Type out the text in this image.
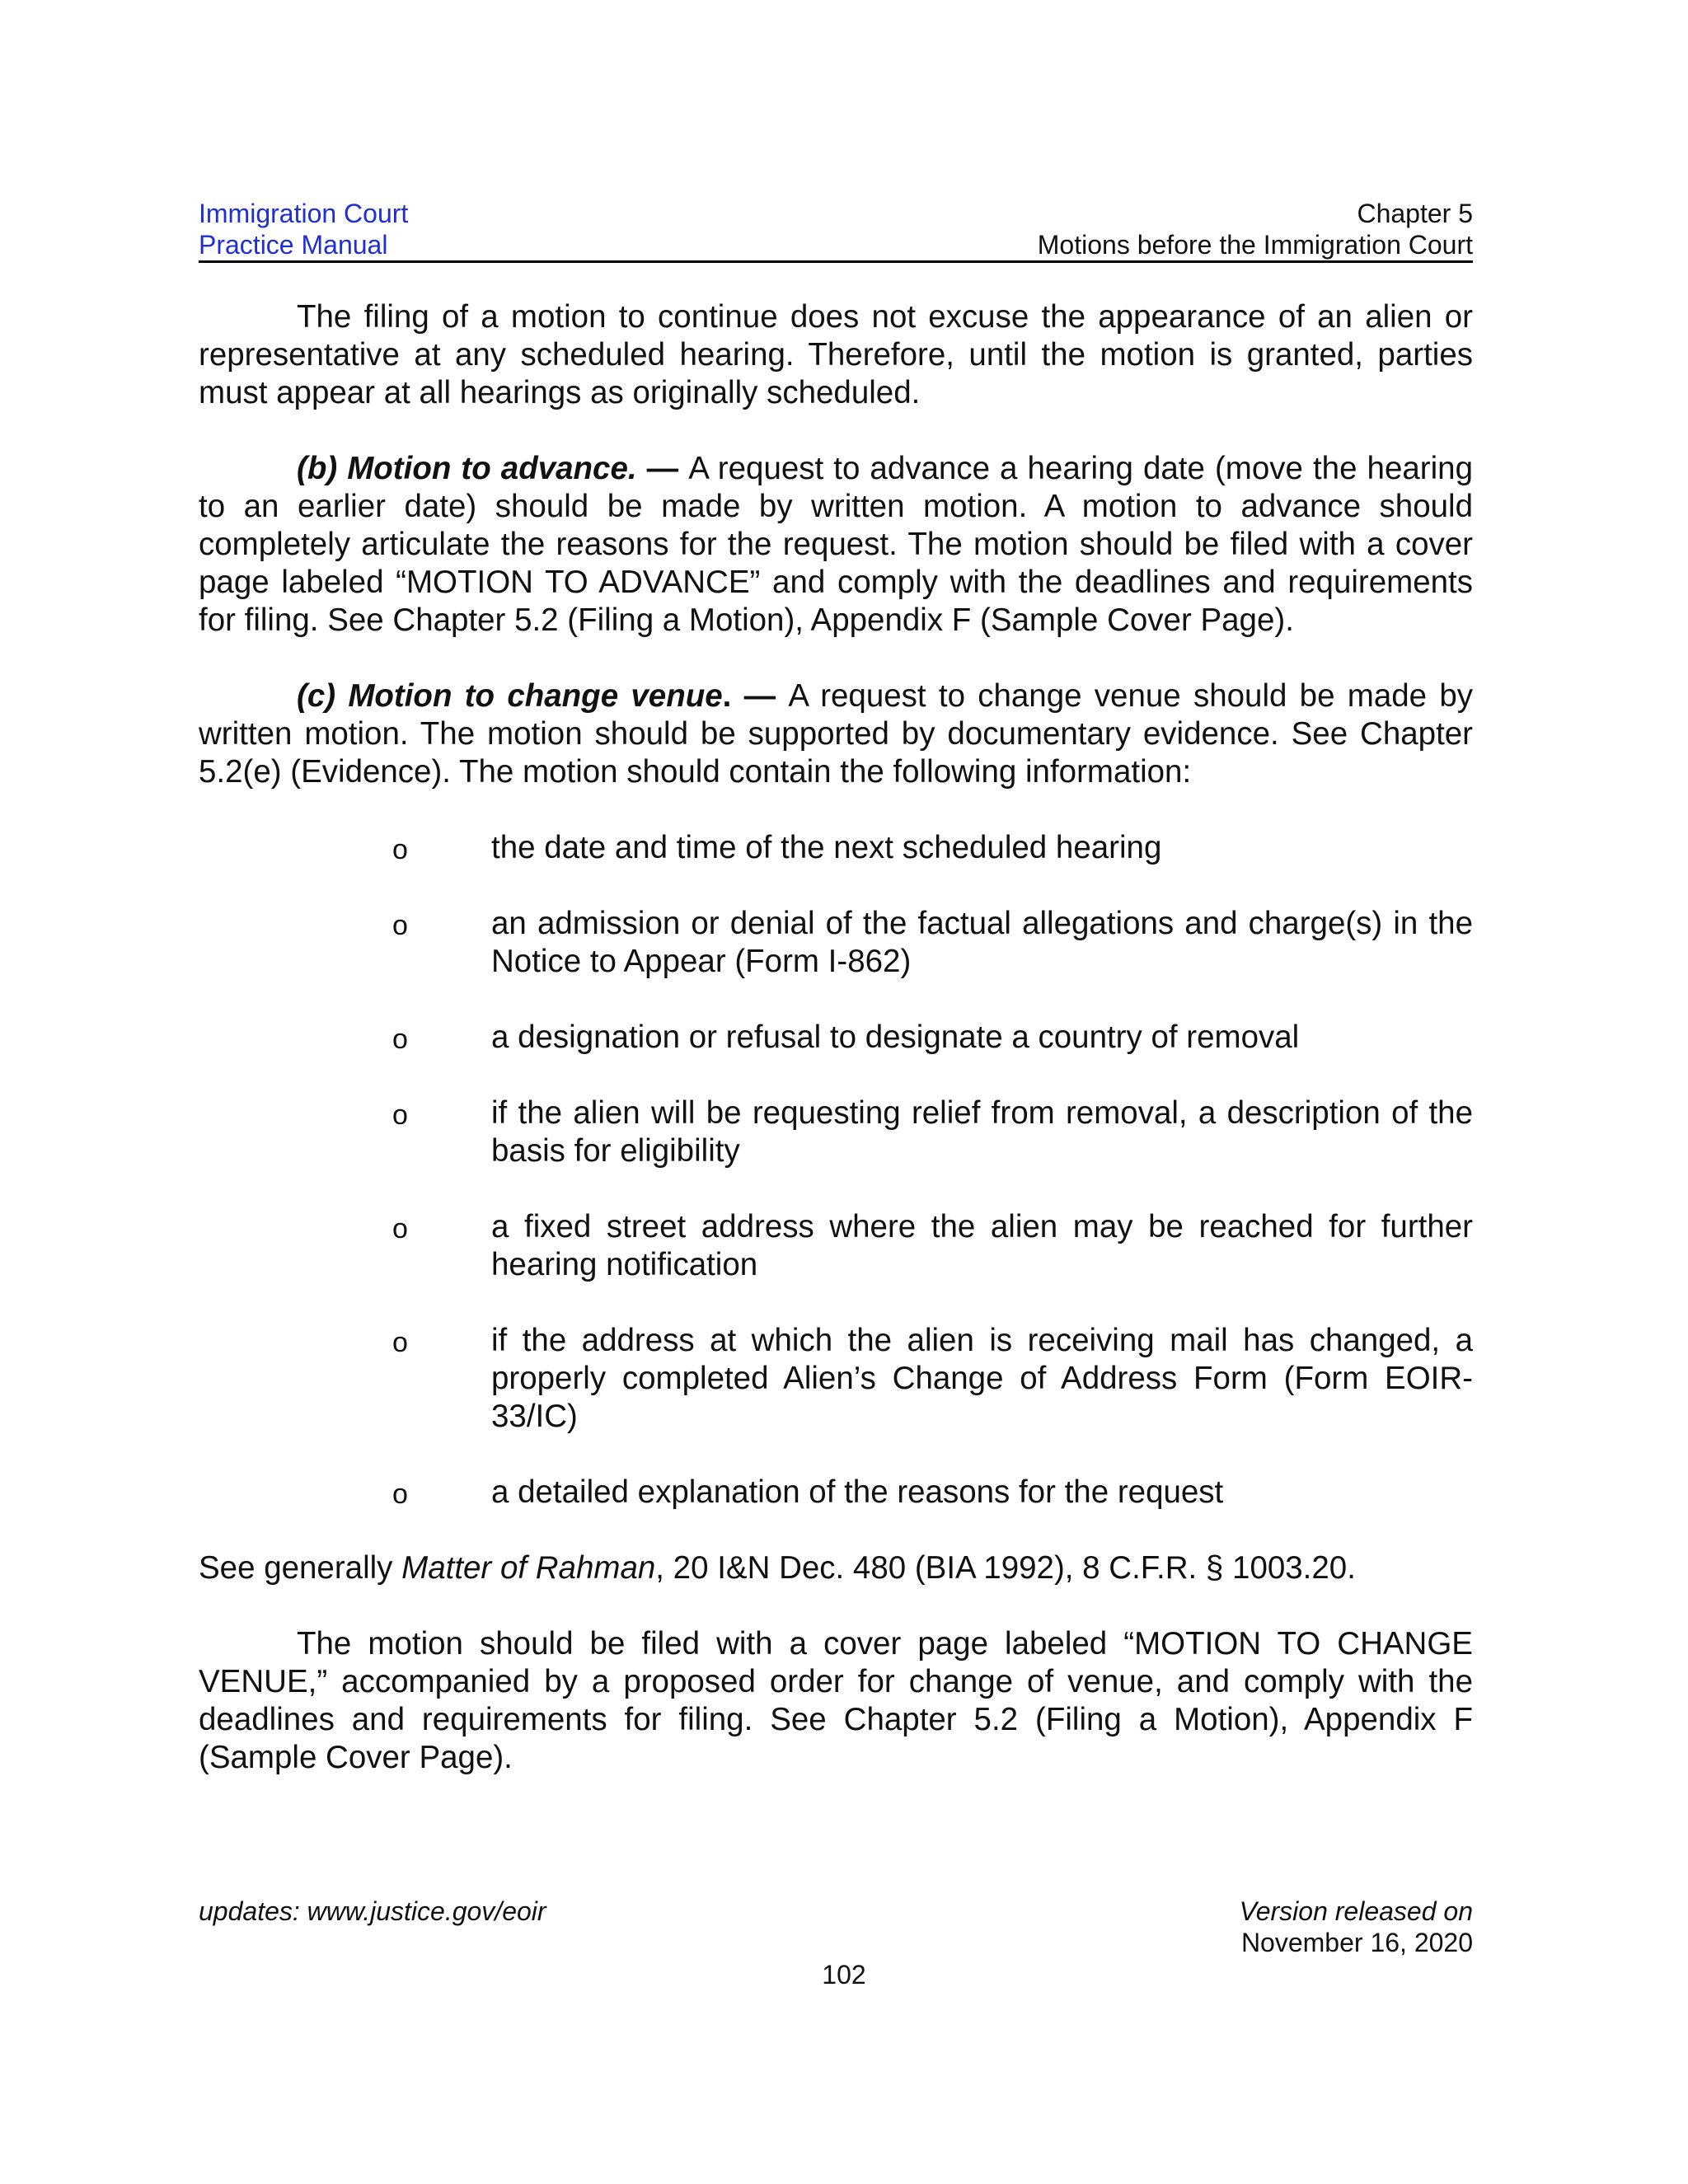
Immigration Court
Practice Manual
Chapter 5
Motions before the Immigration Court

The filing of a motion to continue does not excuse the appearance of an alien or representative at any scheduled hearing. Therefore, until the motion is granted, parties must appear at all hearings as originally scheduled.

(b) Motion to advance. — A request to advance a hearing date (move the hearing to an earlier date) should be made by written motion. A motion to advance should completely articulate the reasons for the request. The motion should be filed with a cover page labeled “MOTION TO ADVANCE” and comply with the deadlines and requirements for filing. See Chapter 5.2 (Filing a Motion), Appendix F (Sample Cover Page).

(c) Motion to change venue. — A request to change venue should be made by written motion. The motion should be supported by documentary evidence. See Chapter 5.2(e) (Evidence). The motion should contain the following information:

o	the date and time of the next scheduled hearing
o	an admission or denial of the factual allegations and charge(s) in the Notice to Appear (Form I-862)
o	a designation or refusal to designate a country of removal
o	if the alien will be requesting relief from removal, a description of the basis for eligibility
o	a fixed street address where the alien may be reached for further hearing notification
o	if the address at which the alien is receiving mail has changed, a properly completed Alien’s Change of Address Form (Form EOIR-33/IC)
o	a detailed explanation of the reasons for the request

See generally Matter of Rahman, 20 I&N Dec. 480 (BIA 1992), 8 C.F.R. § 1003.20.

The motion should be filed with a cover page labeled “MOTION TO CHANGE VENUE,” accompanied by a proposed order for change of venue, and comply with the deadlines and requirements for filing. See Chapter 5.2 (Filing a Motion), Appendix F (Sample Cover Page).

updates: www.justice.gov/eoir	Version released on
November 16, 2020
102
